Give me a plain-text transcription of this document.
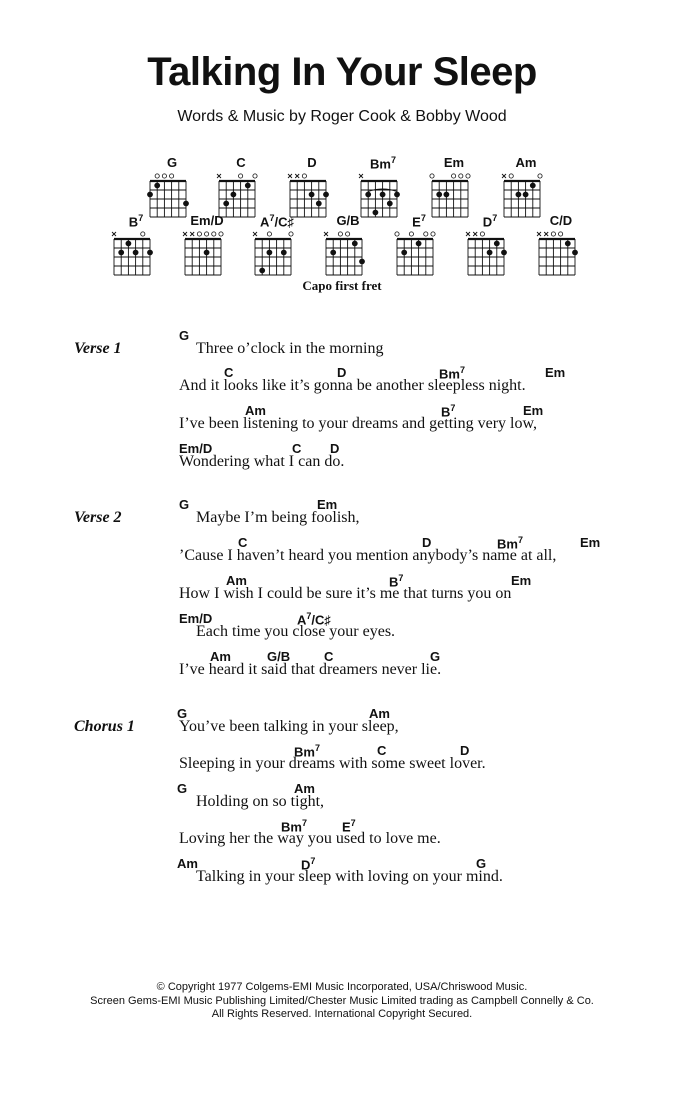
Talking In Your Sleep
Words & Music by Roger Cook & Bobby Wood
G	C	D	Bm$^7$	Em	Am
$B^7$	Em/D	$A^7/C♯$	G/B	$E^7$	$D^7$	C/D
Capo first fret
Verse 1
G
Three o’clock in the morning
C	D	Bm$^7$	Em
And it looks like it’s gonna be another sleepless night.
Am	$B^7$	Em
I’ve been listening to your dreams and getting very low,
Em/D	C D
Wondering what I can do.
Verse 2
G	Em
Maybe I’m being foolish,
C	D	Bm$^7$	Em
’Cause I haven’t heard you mention anybody’s name at all,
Am	$B^7$	Em
How I wish I could be sure it’s me that turns you on
Em/D	$A^7/C♯$
Each time you close your eyes.
Am	G/B	C	G
I’ve heard it said that dreamers never lie.
Chorus 1
G	Am
You’ve been talking in your sleep,
Bm$^7$	C	D
Sleeping in your dreams with some sweet lover.
G	Am
Holding on so tight,
Bm$^7$	$E^7$
Loving her the way you used to love me.
Am	$D^7$	G
Talking in your sleep with loving on your mind.
© Copyright 1977 Colgems-EMI Music Incorporated, USA/Chriswood Music.
Screen Gems-EMI Music Publishing Limited/Chester Music Limited trading as Campbell Connelly & Co.
All Rights Reserved. International Copyright Secured.
